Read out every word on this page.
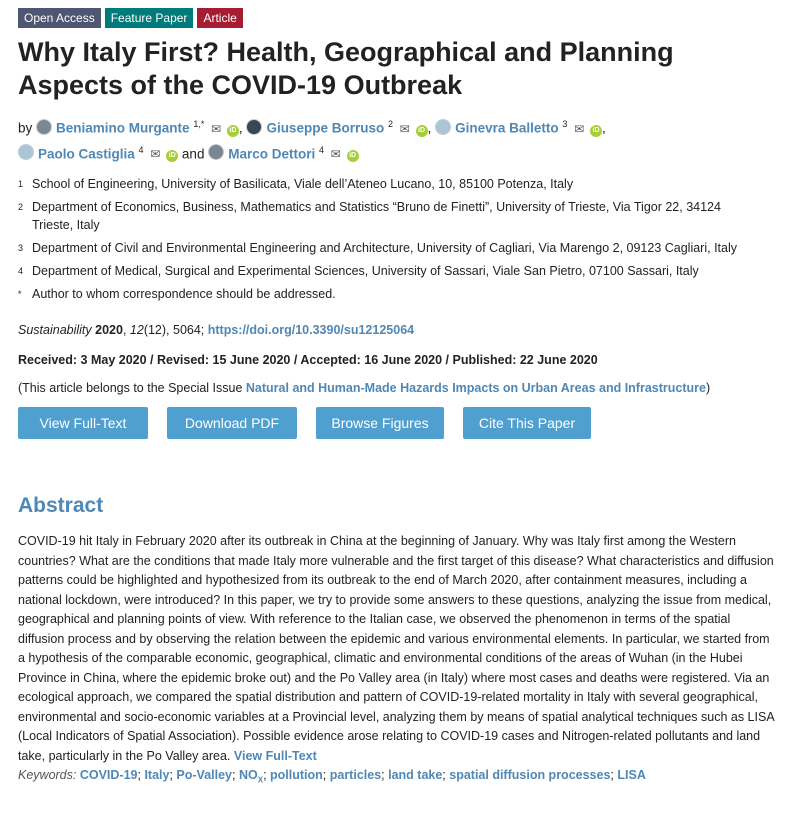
Open Access	Feature Paper	Article
Why Italy First? Health, Geographical and Planning Aspects of the COVID-19 Outbreak
by Beniamino Murgante $^{1,*}$ ✉ iD , Giuseppe Borruso $^2$ ✉ iD , Ginevra Balletto $^3$ ✉ iD ,
Paolo Castiglia $^4$ ✉ iD and Marco Dettori $^4$ ✉ iD
1 School of Engineering, University of Basilicata, Viale dell’Ateneo Lucano, 10, 85100 Potenza, Italy
2 Department of Economics, Business, Mathematics and Statistics “Bruno de Finetti”, University of Trieste, Via Tigor 22, 34124 Trieste, Italy
3 Department of Civil and Environmental Engineering and Architecture, University of Cagliari, Via Marengo 2, 09123 Cagliari, Italy
4 Department of Medical, Surgical and Experimental Sciences, University of Sassari, Viale San Pietro, 07100 Sassari, Italy
* Author to whom correspondence should be addressed.
Sustainability 2020, 12(12), 5064; https://doi.org/10.3390/su12125064
Received: 3 May 2020 / Revised: 15 June 2020 / Accepted: 16 June 2020 / Published: 22 June 2020
(This article belongs to the Special Issue Natural and Human-Made Hazards Impacts on Urban Areas and Infrastructure)
View Full-Text	Download PDF	Browse Figures	Cite This Paper
Abstract
COVID-19 hit Italy in February 2020 after its outbreak in China at the beginning of January. Why was Italy first among the Western countries? What are the conditions that made Italy more vulnerable and the first target of this disease? What characteristics and diffusion patterns could be highlighted and hypothesized from its outbreak to the end of March 2020, after containment measures, including a national lockdown, were introduced? In this paper, we try to provide some answers to these questions, analyzing the issue from medical, geographical and planning points of view. With reference to the Italian case, we observed the phenomenon in terms of the spatial diffusion process and by observing the relation between the epidemic and various environmental elements. In particular, we started from a hypothesis of the comparable economic, geographical, climatic and environmental conditions of the areas of Wuhan (in the Hubei Province in China, where the epidemic broke out) and the Po Valley area (in Italy) where most cases and deaths were registered. Via an ecological approach, we compared the spatial distribution and pattern of COVID-19-related mortality in Italy with several geographical, environmental and socio-economic variables at a Provincial level, analyzing them by means of spatial analytical techniques such as LISA (Local Indicators of Spatial Association). Possible evidence arose relating to COVID-19 cases and Nitrogen-related pollutants and land take, particularly in the Po Valley area. View Full-Text
Keywords: COVID-19; Italy; Po-Valley; $NO_X$; pollution; particles; land take; spatial diffusion processes; LISA
